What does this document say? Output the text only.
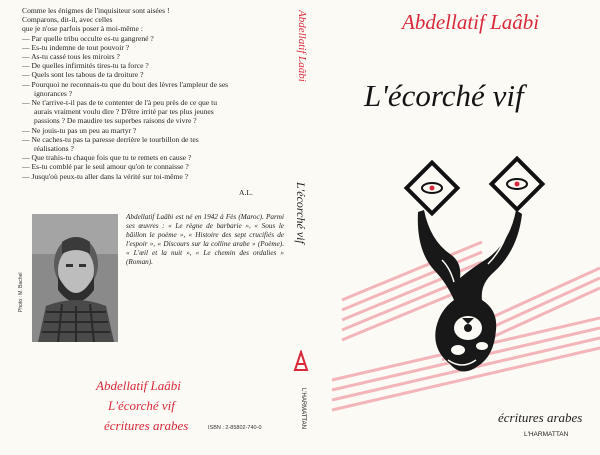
Comme les énigmes de l'inquisiteur sont aisées !
Comparons, dit-il, avec celles
que je n'ose parfois poser à moi-même :
— Par quelle tribu occulte es-tu gangrené ?
— Es-tu indemne de tout pouvoir ?
— As-tu cassé tous les miroirs ?
— De quelles infirmités tires-tu ta force ?
— Quels sont les tabous de ta droiture ?
— Pourquoi ne reconnais-tu que du bout des lèvres l'ampleur de ses
ignorances ?
— Ne t'arrive-t-il pas de te contenter de l'à peu près de ce que tu
aurais vraiment voulu dire ? D'être irrité par tes plus jeunes
passions ? De maudire tes superbes raisons de vivre ?
— Ne jouis-tu pas un peu au martyr ?
— Ne caches-tu pas ta paresse derrière le tourbillon de tes
réalisations ?
— Que trahis-tu chaque fois que tu te remets en cause ?
— Es-tu comblé par le seul amour qu'on te connaisse ?
— Jusqu'où peux-tu aller dans la vérité sur toi-même ?
A.L.
Photo : M. Bachel
Abdellatif Laâbi est né en 1942 à Fès (Maroc). Parmi ses œuvres : « Le règne de barbarie », « Sous le bâillon le poème », « Histoire des sept crucifiés de l'espoir », « Discours sur la colline arabe » (Poème). « L'œil et la nuit », « Le chemin des ordalies » (Roman).
Abdellatif Laâbi
L'écorché vif
écritures arabes	ISBN : 2-85802-740-0
Abdellatif Laâbi
L'écorché vif
L'HARMATTAN
Abdellatif Laâbi
L'écorché vif
écritures arabes
L'HARMATTAN
